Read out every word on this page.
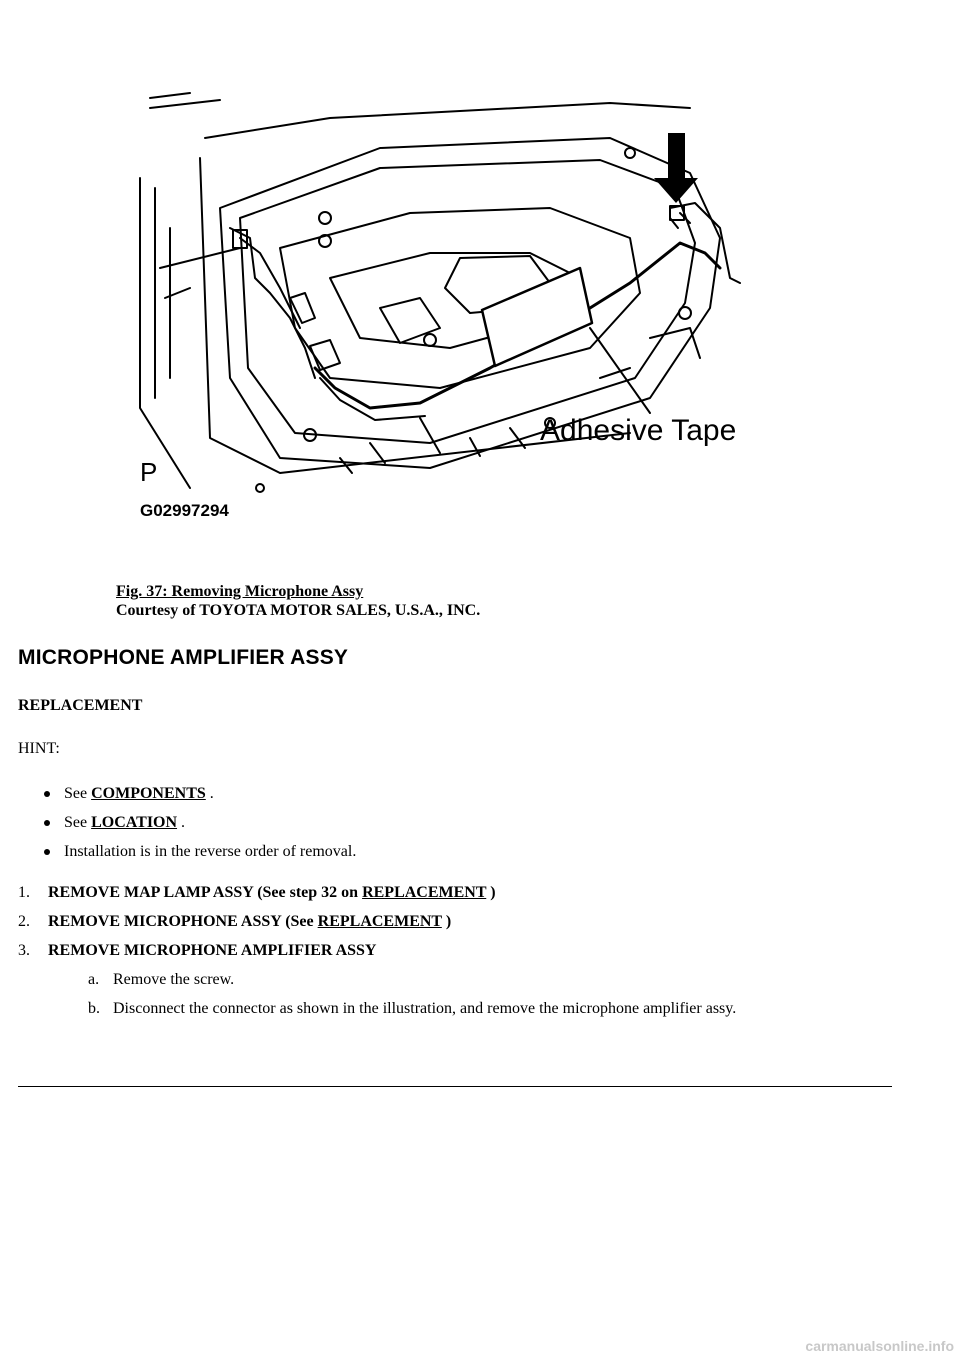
Adhesive Tape
P
G02997294
Fig. 37: Removing Microphone Assy
Courtesy of TOYOTA MOTOR SALES, U.S.A., INC.
MICROPHONE AMPLIFIER ASSY
REPLACEMENT
HINT:
See COMPONENTS .
See LOCATION .
Installation is in the reverse order of removal.
1. REMOVE MAP LAMP ASSY (See step 32 on REPLACEMENT )
2. REMOVE MICROPHONE ASSY (See REPLACEMENT )
3. REMOVE MICROPHONE AMPLIFIER ASSY
a. Remove the screw.
b. Disconnect the connector as shown in the illustration, and remove the microphone amplifier assy.
carmanualsonline.info
